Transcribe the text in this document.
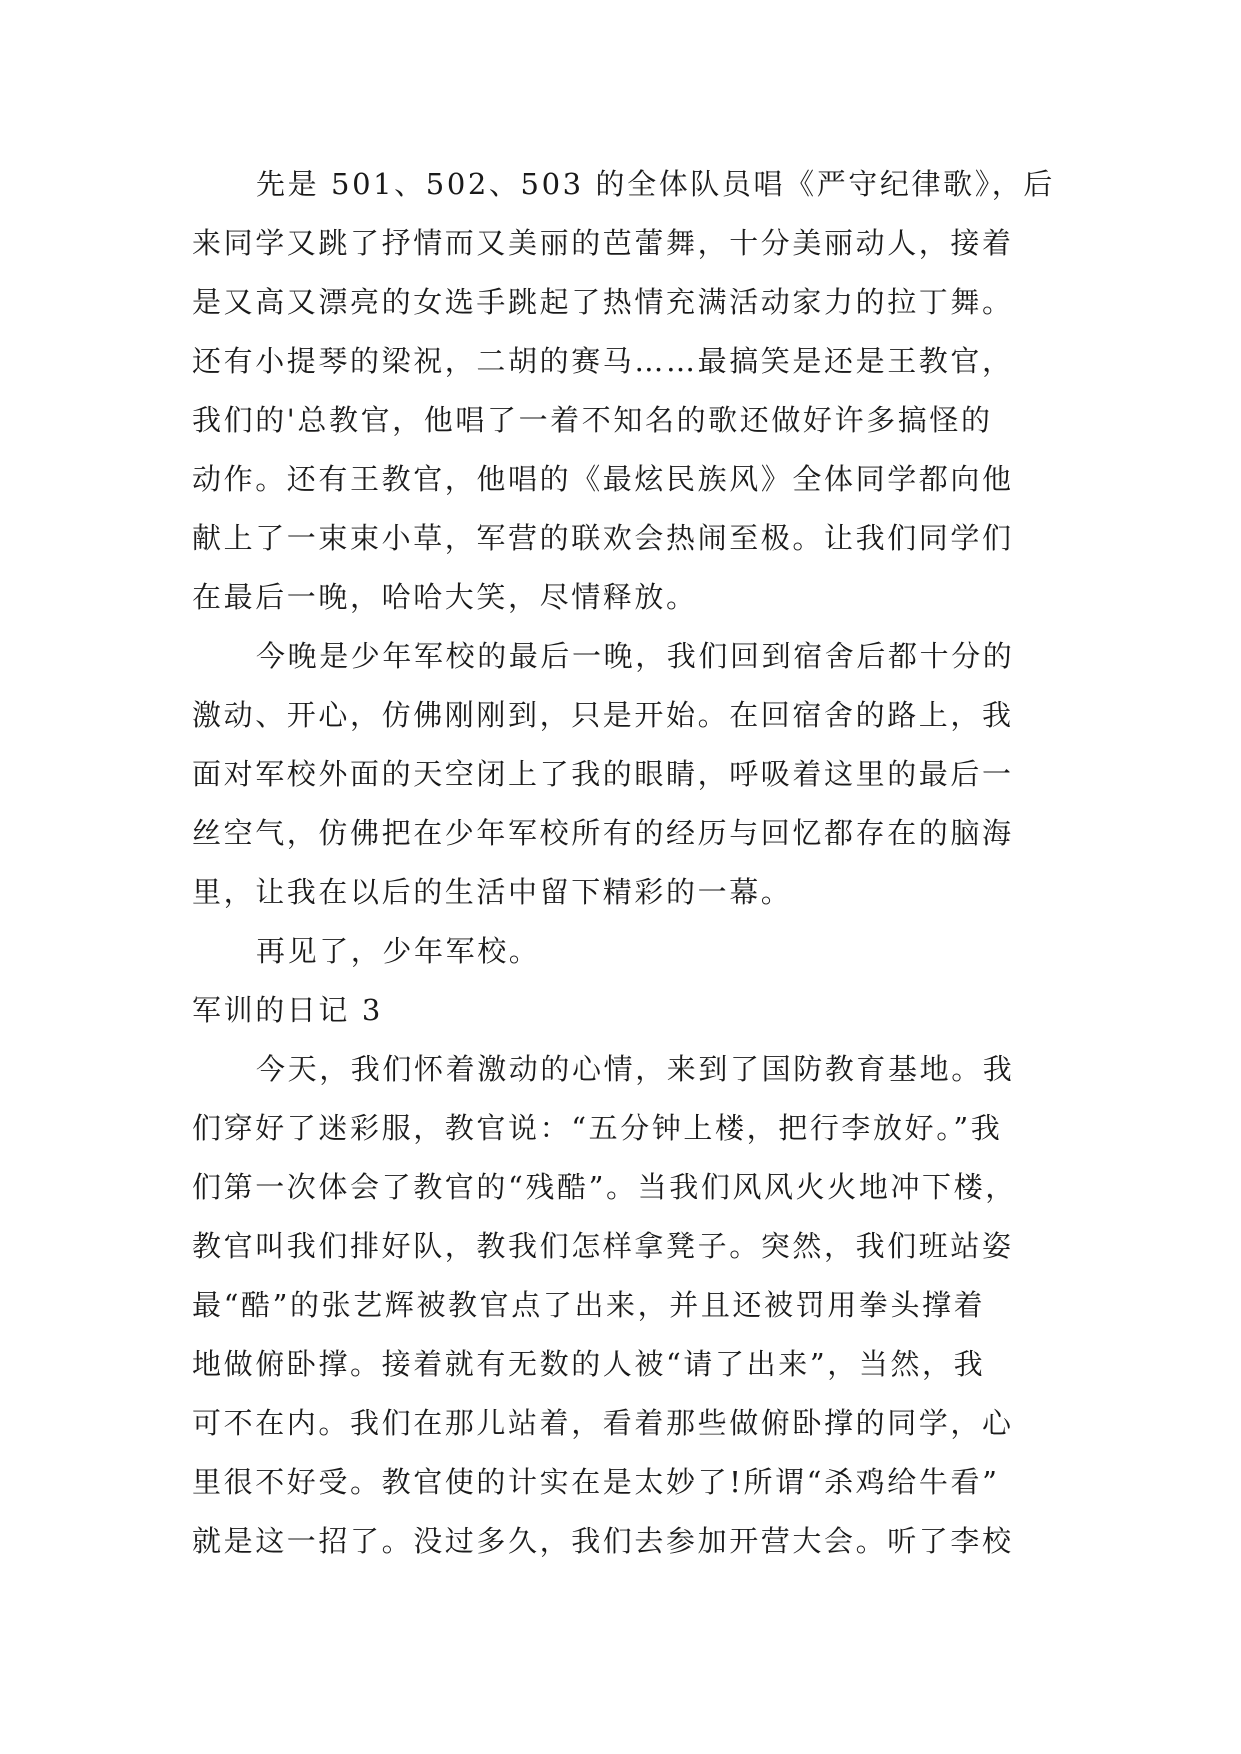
先是 501、502、503 的全体队员唱《严守纪律歌》，后
来同学又跳了抒情而又美丽的芭蕾舞，十分美丽动人，接着
是又高又漂亮的女选手跳起了热情充满活动家力的拉丁舞。
还有小提琴的梁祝，二胡的赛马……最搞笑是还是王教官，
我们的'总教官，他唱了一着不知名的歌还做好许多搞怪的
动作。还有王教官，他唱的《最炫民族风》全体同学都向他
献上了一束束小草，军营的联欢会热闹至极。让我们同学们
在最后一晚，哈哈大笑，尽情释放。
今晚是少年军校的最后一晚，我们回到宿舍后都十分的
激动、开心，仿佛刚刚到，只是开始。在回宿舍的路上，我
面对军校外面的天空闭上了我的眼睛，呼吸着这里的最后一
丝空气，仿佛把在少年军校所有的经历与回忆都存在的脑海
里，让我在以后的生活中留下精彩的一幕。
再见了，少年军校。
军训的日记 3
今天，我们怀着激动的心情，来到了国防教育基地。我
们穿好了迷彩服，教官说：“五分钟上楼，把行李放好。”我
们第一次体会了教官的“残酷”。当我们风风火火地冲下楼，
教官叫我们排好队，教我们怎样拿凳子。突然，我们班站姿
最“酷”的张艺辉被教官点了出来，并且还被罚用拳头撑着
地做俯卧撑。接着就有无数的人被“请了出来”，当然，我
可不在内。我们在那儿站着，看着那些做俯卧撑的同学，心
里很不好受。教官使的计实在是太妙了!所谓“杀鸡给牛看”
就是这一招了。没过多久，我们去参加开营大会。听了李校
